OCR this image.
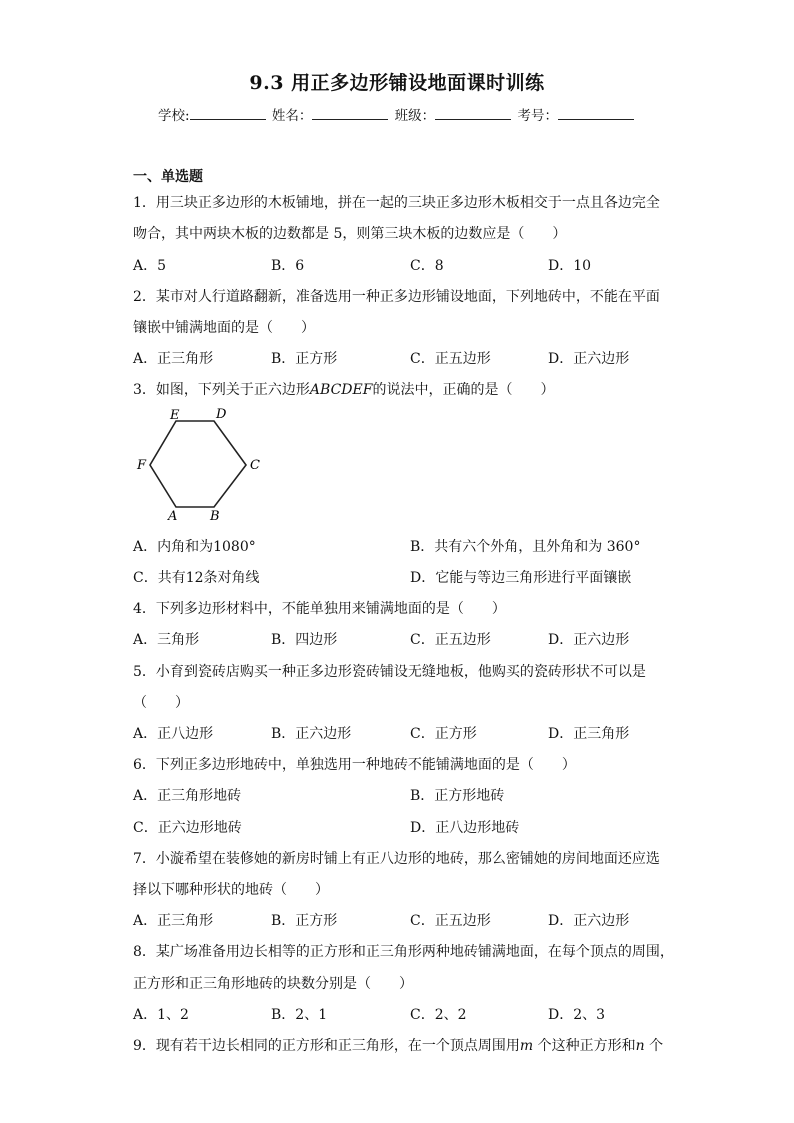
9.3 用正多边形铺设地面课时训练
学校:	姓名：	班级：	考号：
一、单选题
1．用三块正多边形的木板铺地，拼在一起的三块正多边形木板相交于一点且各边完全
吻合，其中两块木板的边数都是 5，则第三块木板的边数应是（　　）
A．5	B．6	C．8	D．10
2．某市对人行道路翻新，准备选用一种正多边形铺设地面，下列地砖中，不能在平面
镶嵌中铺满地面的是（　　）
A．正三角形	B．正方形	C．正五边形	D．正六边形
3．如图，下列关于正六边形ABCDEF的说法中，正确的是（　　）
A	B
C
D
E
F
A．内角和为1080°	B．共有六个外角，且外角和为 360°
C．共有12条对角线	D．它能与等边三角形进行平面镶嵌
4．下列多边形材料中，不能单独用来铺满地面的是（　　）
A．三角形	B．四边形	C．正五边形	D．正六边形
5．小育到瓷砖店购买一种正多边形瓷砖铺设无缝地板，他购买的瓷砖形状不可以是
（　　）
A．正八边形	B．正六边形	C．正方形	D．正三角形
6．下列正多边形地砖中，单独选用一种地砖不能铺满地面的是（　　）
A．正三角形地砖	B．正方形地砖
C．正六边形地砖	D．正八边形地砖
7．小漩希望在装修她的新房时铺上有正八边形的地砖，那么密铺她的房间地面还应选
择以下哪种形状的地砖（　　）
A．正三角形	B．正方形	C．正五边形	D．正六边形
8．某广场准备用边长相等的正方形和正三角形两种地砖铺满地面，在每个顶点的周围，
正方形和正三角形地砖的块数分别是（　　）
A．1、2	B．2、1	C．2、2	D．2、3
9．现有若干边长相同的正方形和正三角形，在一个顶点周围用m 个这种正方形和n 个
